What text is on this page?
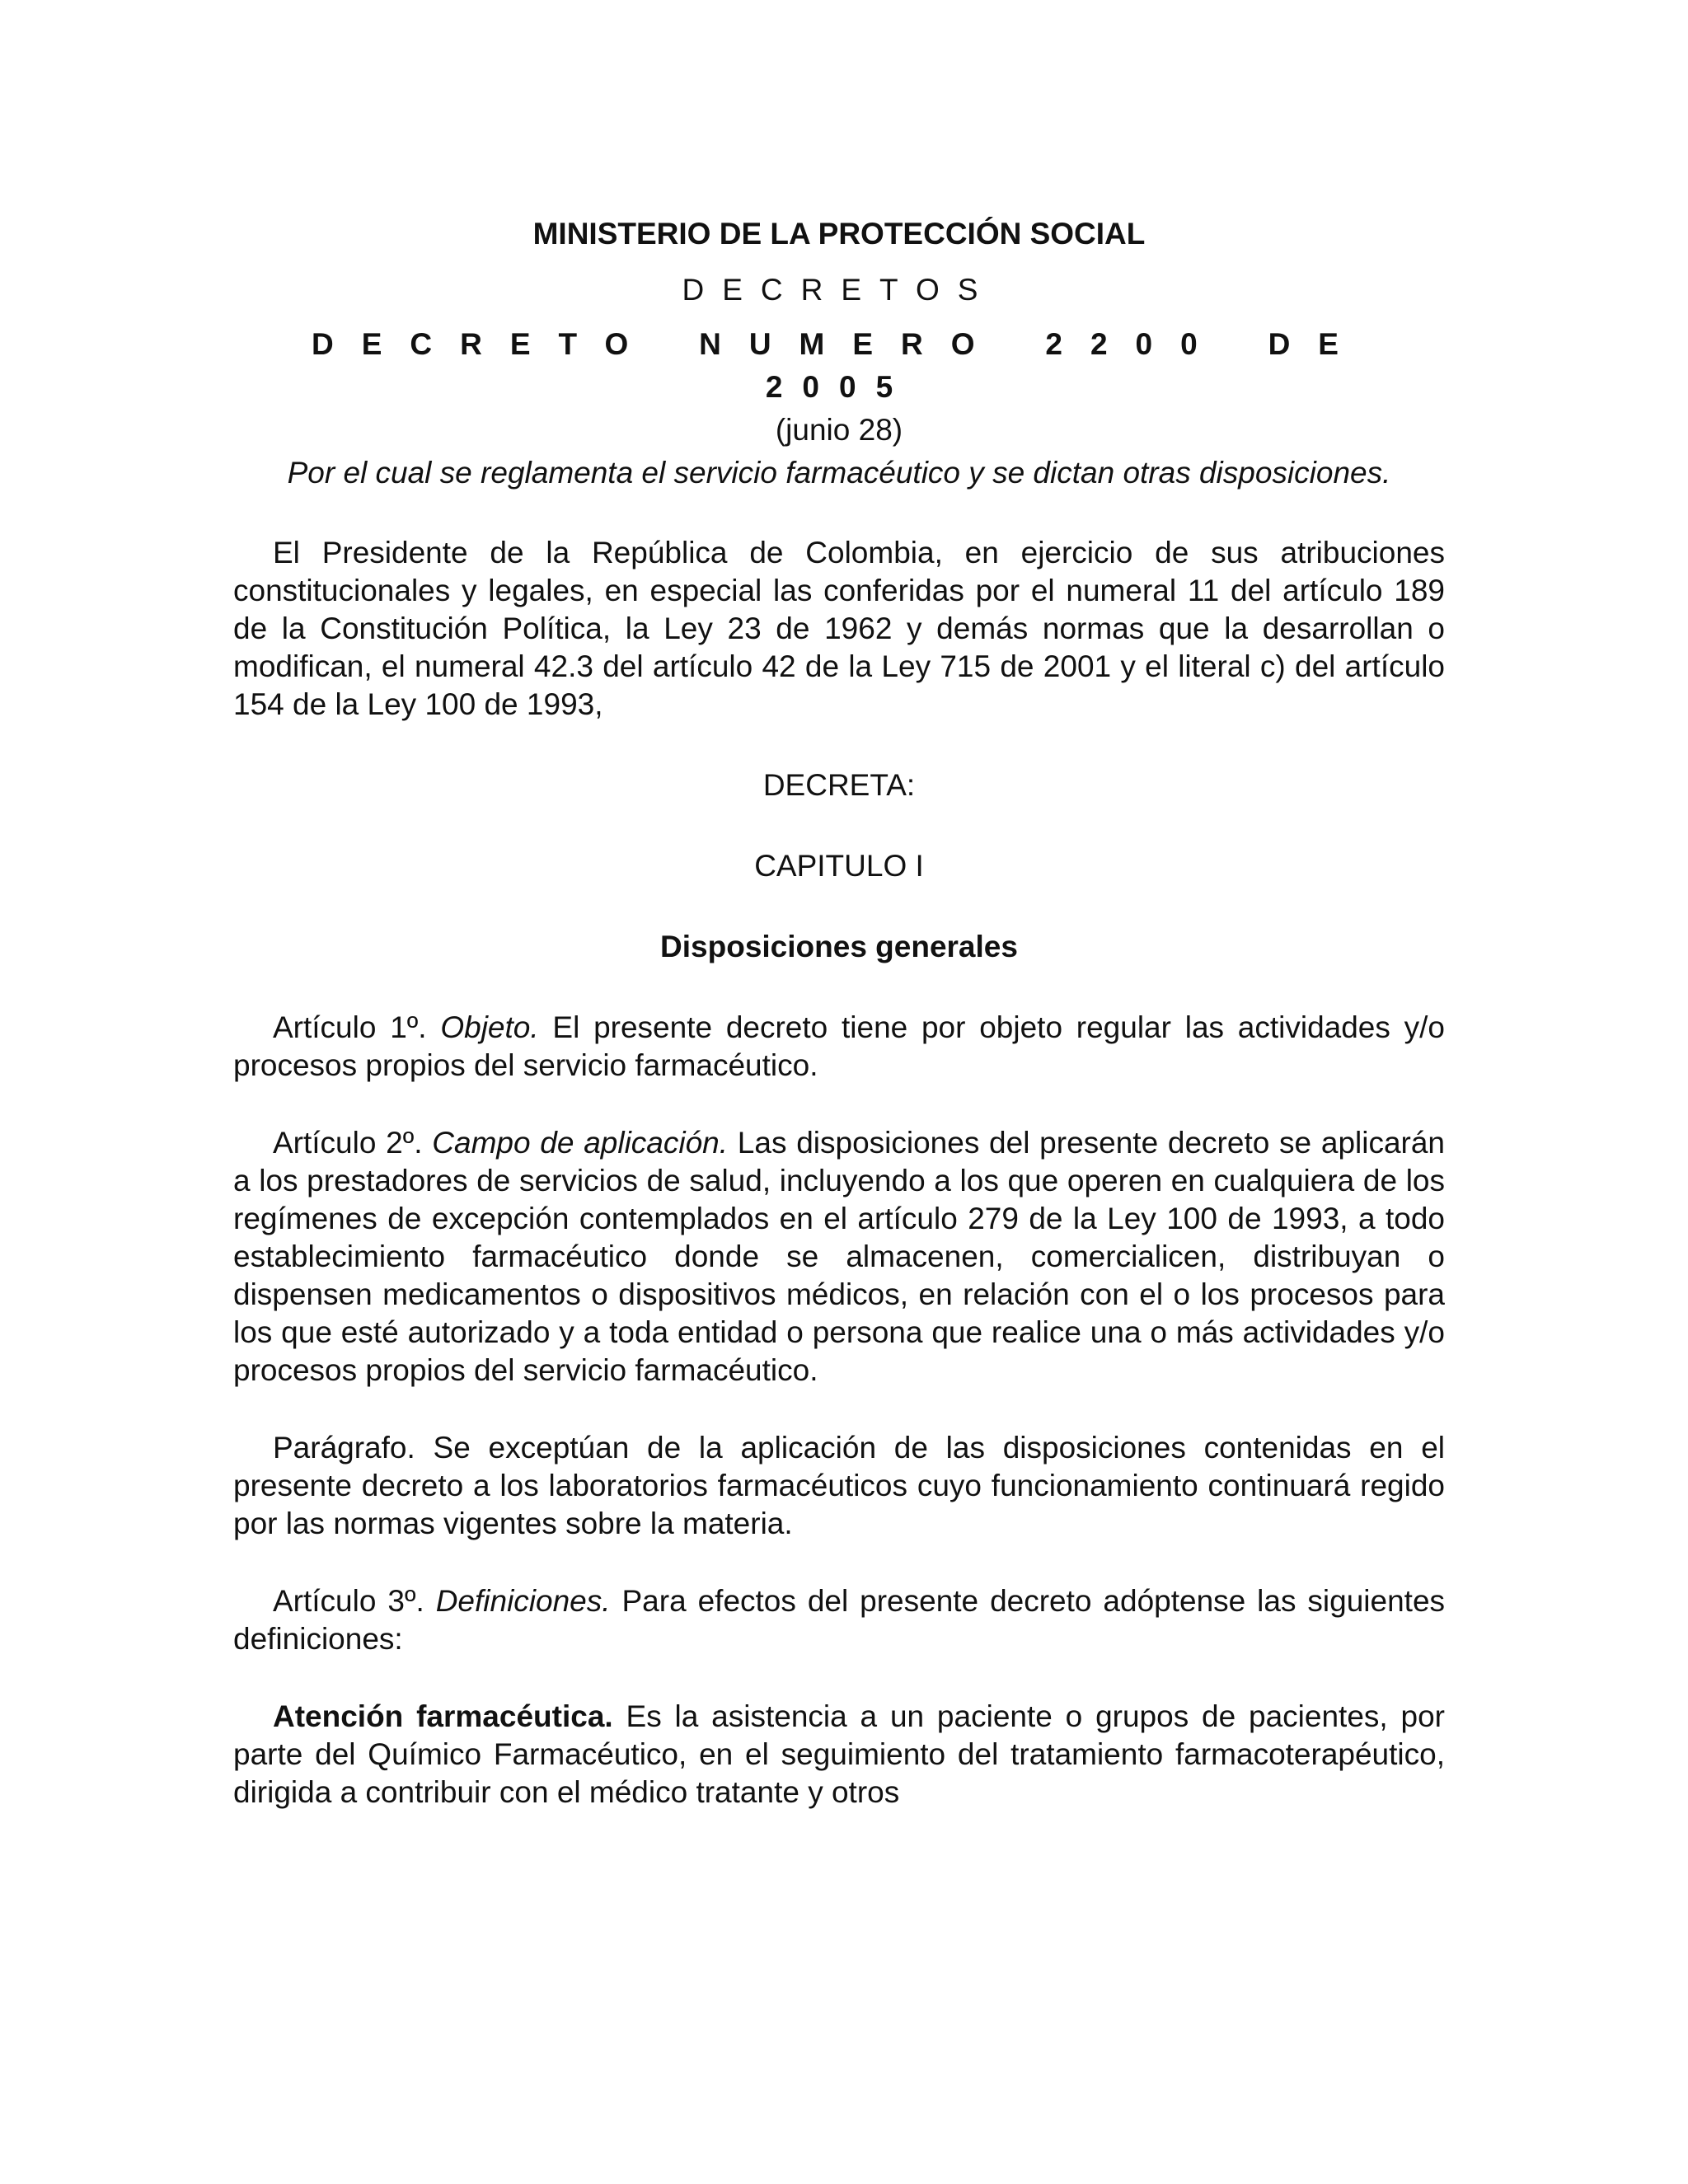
MINISTERIO DE LA PROTECCIÓN SOCIAL

DECRETOS

DECRETO NUMERO 2200 DE
2005

(junio 28)

Por el cual se reglamenta el servicio farmacéutico y se dictan otras disposiciones.

El Presidente de la República de Colombia, en ejercicio de sus atribuciones constitucionales y legales, en especial las conferidas por el numeral 11 del artículo 189 de la Constitución Política, la Ley 23 de 1962 y demás normas que la desarrollan o modifican, el numeral 42.3 del artículo 42 de la Ley 715 de 2001 y el literal c) del artículo 154 de la Ley 100 de 1993,

DECRETA:

CAPITULO I

Disposiciones generales

Artículo 1º. Objeto. El presente decreto tiene por objeto regular las actividades y/o procesos propios del servicio farmacéutico.

Artículo 2º. Campo de aplicación. Las disposiciones del presente decreto se aplicarán a los prestadores de servicios de salud, incluyendo a los que operen en cualquiera de los regímenes de excepción contemplados en el artículo 279 de la Ley 100 de 1993, a todo establecimiento farmacéutico donde se almacenen, comercialicen, distribuyan o dispensen medicamentos o dispositivos médicos, en relación con el o los procesos para los que esté autorizado y a toda entidad o persona que realice una o más actividades y/o procesos propios del servicio farmacéutico.

Parágrafo. Se exceptúan de la aplicación de las disposiciones contenidas en el presente decreto a los laboratorios farmacéuticos cuyo funcionamiento continuará regido por las normas vigentes sobre la materia.

Artículo 3º. Definiciones. Para efectos del presente decreto adóptense las siguientes definiciones:

Atención farmacéutica. Es la asistencia a un paciente o grupos de pacientes, por parte del Químico Farmacéutico, en el seguimiento del tratamiento farmacoterapéutico, dirigida a contribuir con el médico tratante y otros
